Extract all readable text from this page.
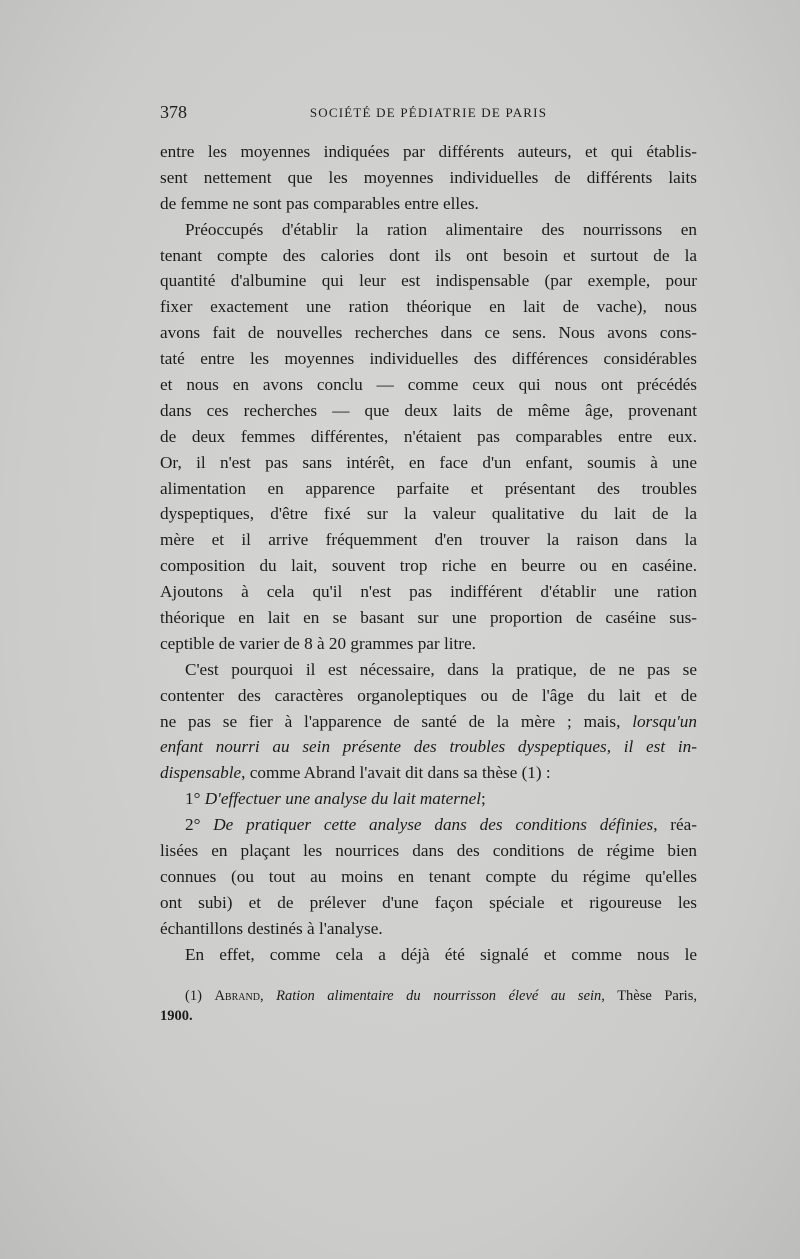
378	SOCIÉTÉ DE PÉDIATRIE DE PARIS
entre les moyennes indiquées par différents auteurs, et qui établis-
sent nettement que les moyennes individuelles de différents laits
de femme ne sont pas comparables entre elles.
Préoccupés d'établir la ration alimentaire des nourrissons en
tenant compte des calories dont ils ont besoin et surtout de la
quantité d'albumine qui leur est indispensable (par exemple, pour
fixer exactement une ration théorique en lait de vache), nous
avons fait de nouvelles recherches dans ce sens. Nous avons cons-
taté entre les moyennes individuelles des différences considérables
et nous en avons conclu — comme ceux qui nous ont précédés
dans ces recherches — que deux laits de même âge, provenant
de deux femmes différentes, n'étaient pas comparables entre eux.
Or, il n'est pas sans intérêt, en face d'un enfant, soumis à une
alimentation en apparence parfaite et présentant des troubles
dyspeptiques, d'être fixé sur la valeur qualitative du lait de la
mère et il arrive fréquemment d'en trouver la raison dans la
composition du lait, souvent trop riche en beurre ou en caséine.
Ajoutons à cela qu'il n'est pas indifférent d'établir une ration
théorique en lait en se basant sur une proportion de caséine sus-
ceptible de varier de 8 à 20 grammes par litre.
C'est pourquoi il est nécessaire, dans la pratique, de ne pas se
contenter des caractères organoleptiques ou de l'âge du lait et de
ne pas se fier à l'apparence de santé de la mère ; mais, lorsqu'un
enfant nourri au sein présente des troubles dyspeptiques, il est in-
dispensable, comme Abrand l'avait dit dans sa thèse (1) :
1° D'effectuer une analyse du lait maternel;
2° De pratiquer cette analyse dans des conditions définies, réa-
lisées en plaçant les nourrices dans des conditions de régime bien
connues (ou tout au moins en tenant compte du régime qu'elles
ont subi) et de prélever d'une façon spéciale et rigoureuse les
échantillons destinés à l'analyse.
En effet, comme cela a déjà été signalé et comme nous le
(1) Abrand, Ration alimentaire du nourrisson élevé au sein, Thèse Paris,
1900.
